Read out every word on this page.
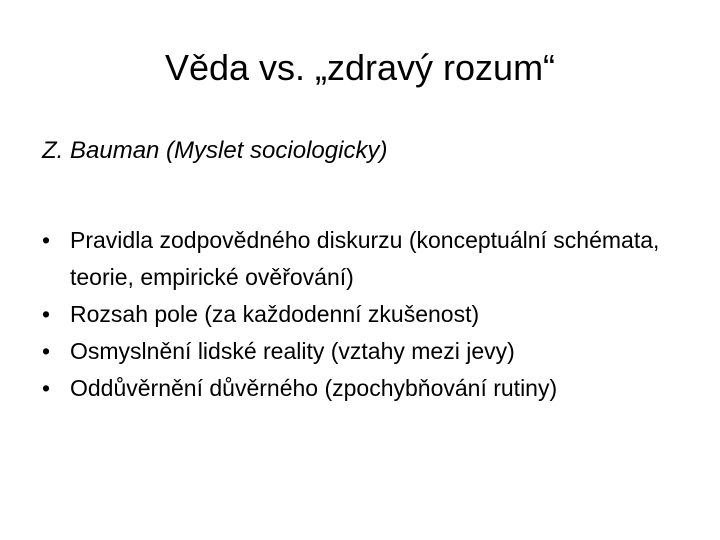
Věda vs. „zdravý rozum“
Z. Bauman (Myslet sociologicky)
• Pravidla zodpovědného diskurzu (konceptuální schémata, teorie, empirické ověřování)
• Rozsah pole (za každodenní zkušenost)
• Osmyslnění lidské reality (vztahy mezi jevy)
• Oddůvěrnění důvěrného (zpochybňování rutiny)
